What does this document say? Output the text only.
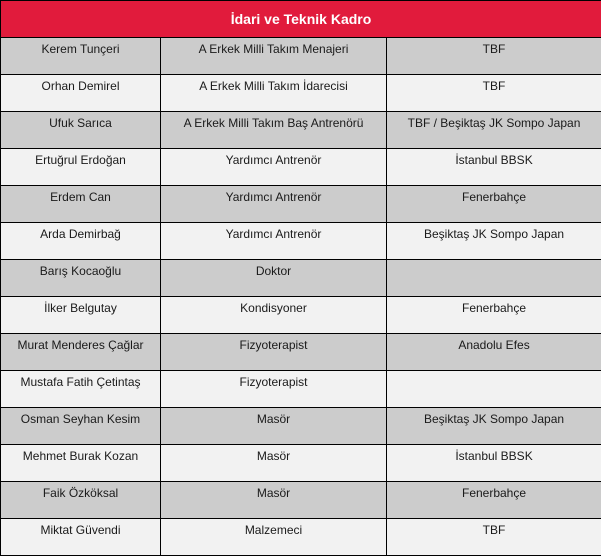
İdari ve Teknik Kadro		
Kerem Tunçeri	A Erkek Milli Takım Menajeri	TBF
Orhan Demirel	A Erkek Milli Takım İdarecisi	TBF
Ufuk Sarıca	A Erkek Milli Takım Baş Antrenörü	TBF / Beşiktaş JK Sompo Japan
Ertuğrul Erdoğan	Yardımcı Antrenör	İstanbul BBSK
Erdem Can	Yardımcı Antrenör	Fenerbahçe
Arda Demirbağ	Yardımcı Antrenör	Beşiktaş JK Sompo Japan
Barış Kocaoğlu	Doktor	
İlker Belgutay	Kondisyoner	Fenerbahçe
Murat Menderes Çağlar	Fizyoterapist	Anadolu Efes
Mustafa Fatih Çetintaş	Fizyoterapist	
Osman Seyhan Kesim	Masör	Beşiktaş JK Sompo Japan
Mehmet Burak Kozan	Masör	İstanbul BBSK
Faik Özköksal	Masör	Fenerbahçe
Miktat Güvendi	Malzemeci	TBF
